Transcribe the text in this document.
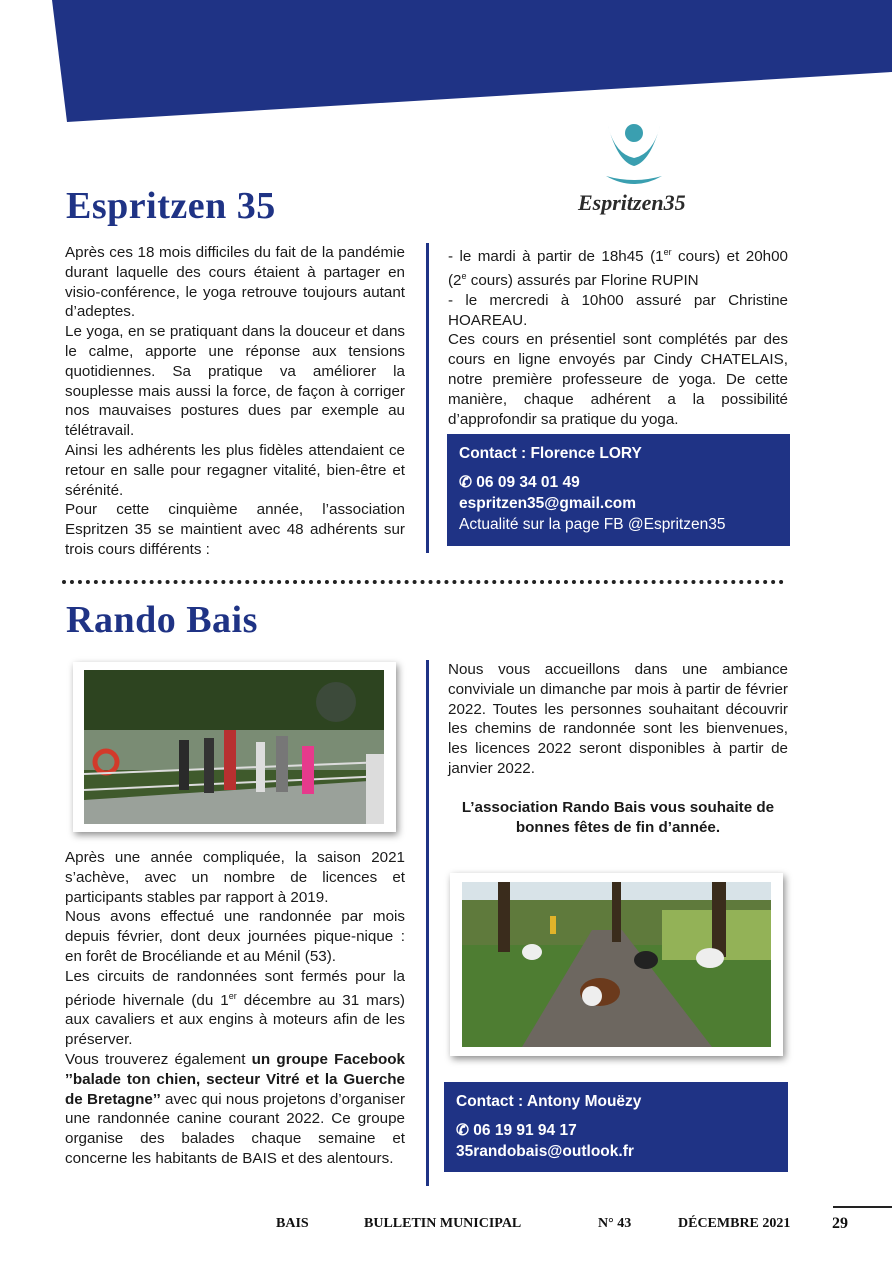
Espritzen 35	Espritzen35

Après ces 18 mois difficiles du fait de la pandémie durant laquelle des cours étaient à partager en visio-conférence, le yoga retrouve toujours autant d’adeptes.

Le yoga, en se pratiquant dans la douceur et dans le calme, apporte une réponse aux tensions quotidiennes. Sa pratique va améliorer la souplesse mais aussi la force, de façon à corriger nos mauvaises postures dues par exemple au télétravail.

Ainsi les adhérents les plus fidèles attendaient ce retour en salle pour regagner vitalité, bien-être et sérénité.

Pour cette cinquième année, l’association Espritzen 35 se maintient avec 48 adhérents sur trois cours différents :

- le mardi à partir de 18h45 (1er cours) et 20h00 (2e cours) assurés par Florine RUPIN

- le mercredi à 10h00 assuré par Christine HOAREAU.

Ces cours en présentiel sont complétés par des cours en ligne envoyés par Cindy CHATELAIS, notre première professeure de yoga. De cette manière, chaque adhérent a la possibilité d’approfondir sa pratique du yoga.

Contact : Florence LORY
✆ 06 09 34 01 49
espritzen35@gmail.com
Actualité sur la page FB @Espritzen35
Rando Bais

Après une année compliquée, la saison 2021 s’achève, avec un nombre de licences et participants stables par rapport à 2019.

Nous avons effectué une randonnée par mois depuis février, dont deux journées pique-nique : en forêt de Brocéliande et au Ménil (53).

Les circuits de randonnées sont fermés pour la période hivernale (du 1er décembre au 31 mars) aux cavaliers et aux engins à moteurs afin de les préserver.

Vous trouverez également un groupe Facebook ’’balade ton chien, secteur Vitré et la Guerche de Bretagne’’ avec qui nous projetons d’organiser une randonnée canine courant 2022. Ce groupe organise des balades chaque semaine et concerne les habitants de BAIS et des alentours.

Nous vous accueillons dans une ambiance conviviale un dimanche par mois à partir de février 2022. Toutes les personnes souhaitant découvrir les chemins de randonnée sont les bienvenues, les licences 2022 seront disponibles à partir de janvier 2022.

L’association Rando Bais vous souhaite de bonnes fêtes de fin d’année.

Contact : Antony Mouëzy
✆ 06 19 91 94 17
35randobais@outlook.fr
BAIS	BULLETIN MUNICIPAL	N° 43	DÉCEMBRE 2021	29
